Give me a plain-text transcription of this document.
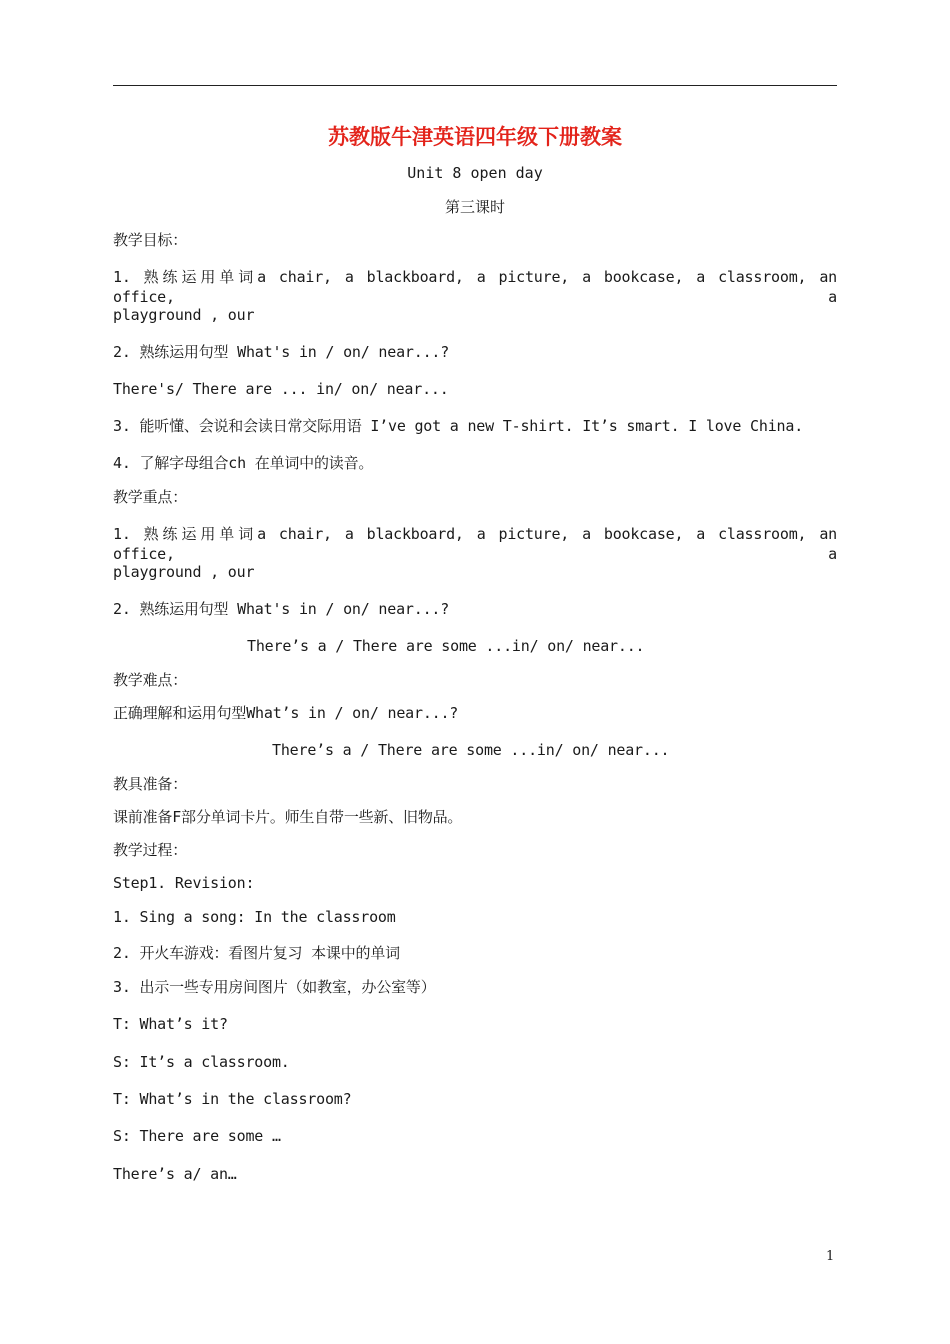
苏教版牛津英语四年级下册教案
Unit 8 open day
第三课时
教学目标：
1. 熟练运用单词a chair, a blackboard, a picture, a bookcase, a classroom, an office, a
playground , our
2. 熟练运用句型 What's in / on/ near...?
There's/ There are ... in/ on/ near...
3. 能听懂、会说和会读日常交际用语 I’ve got a new T-shirt. It’s smart. I love China.
4. 了解字母组合ch 在单词中的读音。
教学重点：
1. 熟练运用单词a chair, a blackboard, a picture, a bookcase, a classroom, an office, a
playground , our
2. 熟练运用句型 What's in / on/ near...?
There’s a / There are some ...in/ on/ near...
教学难点：
正确理解和运用句型What’s in / on/ near...?
There’s a / There are some ...in/ on/ near...
教具准备：
课前准备F部分单词卡片。师生自带一些新、旧物品。
教学过程：
Step1. Revision:
1. Sing a song: In the classroom
2. 开火车游戏：看图片复习 本课中的单词
3. 出示一些专用房间图片（如教室，办公室等）
T: What’s it?
S: It’s a classroom.
T: What’s in the classroom?
S: There are some …
There’s a/ an…
1
